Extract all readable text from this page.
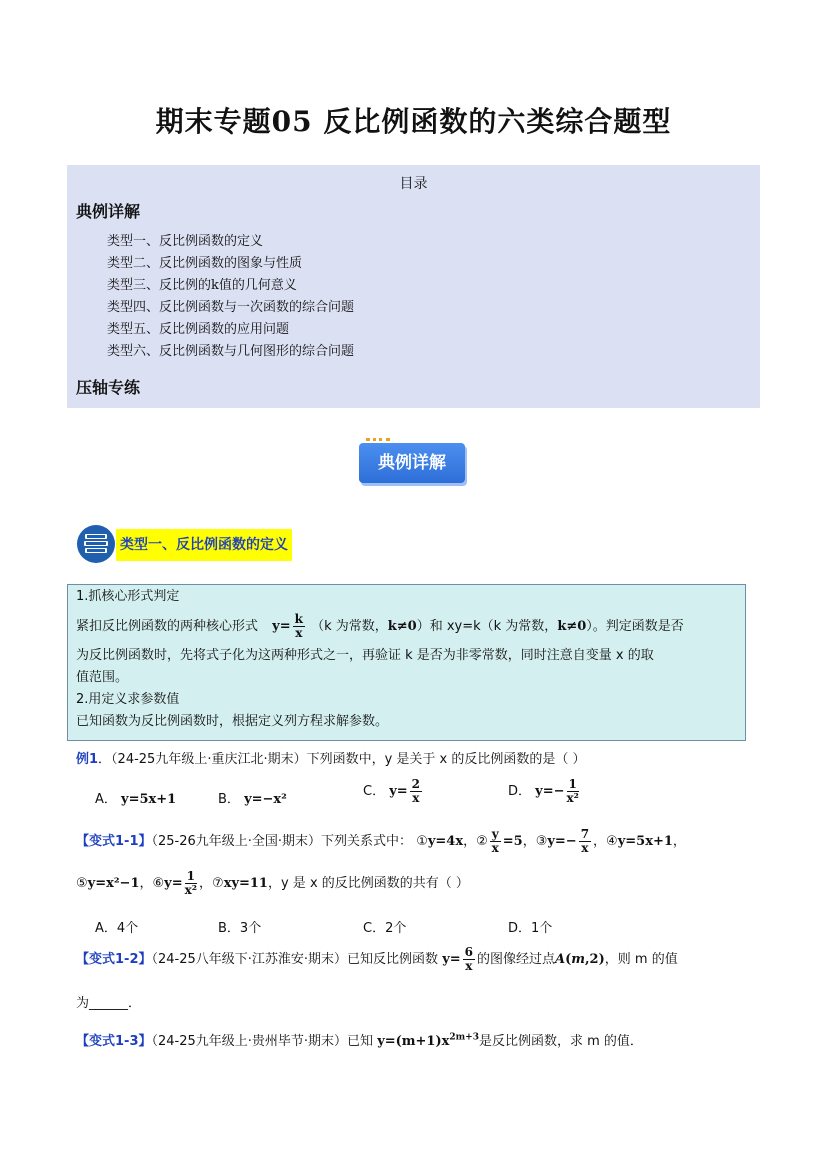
期末专题05 反比例函数的六类综合题型
目录
典例详解
类型一、反比例函数的定义
类型二、反比例函数的图象与性质
类型三、反比例的k值的几何意义
类型四、反比例函数与一次函数的综合问题
类型五、反比例函数的应用问题
类型六、反比例函数与几何图形的综合问题
压轴专练
典例详解
类型一、反比例函数的定义
1.抓核心形式判定
紧扣反比例函数的两种核心形式 $y= \frac{k}{x} (k$ 为常数，k≠0）和 xy=k（k 为常数，k≠0）。判定函数是否
为反比例函数时，先将式子化为这两种形式之一，再验证 k 是否为非零常数，同时注意自变量 x 的取
值范围。
2.用定义求参数值
已知函数为反比例函数时，根据定义列方程求解参数。
例1．（24-25九年级上·重庆江北·期末）下列函数中，y 是关于 x 的反比例函数的是（ ）
A． y=5x+1	B． y=−x²
C． $y= \frac{2}{x}$	D． $y=- \frac{1}{\text{x²}}$
【变式1-1】（25-26九年级上·全国·期末）下列关系式中： ①y=4x，② $\frac{y}{x} =5$，③y=− $\frac{7}{x}$ ，④y=5x+1，
⑤y=x²−1，⑥y= $\frac{1}{\text{x²}}$ ，⑦xy=11，y 是 x 的反比例函数的共有（ ）
A．4个	B．3个	C．2个	D．1个
【变式1-2】（24-25八年级下·江苏淮安·期末）已知反比例函数 $y= \frac{6}{x}$ 的图像经过点A(m,2)，则 m 的值
为______．
【变式1-3】（24-25九年级上·贵州毕节·期末）已知 $y=(m+1)x^{2m+3}$是反比例函数，求 m 的值．
